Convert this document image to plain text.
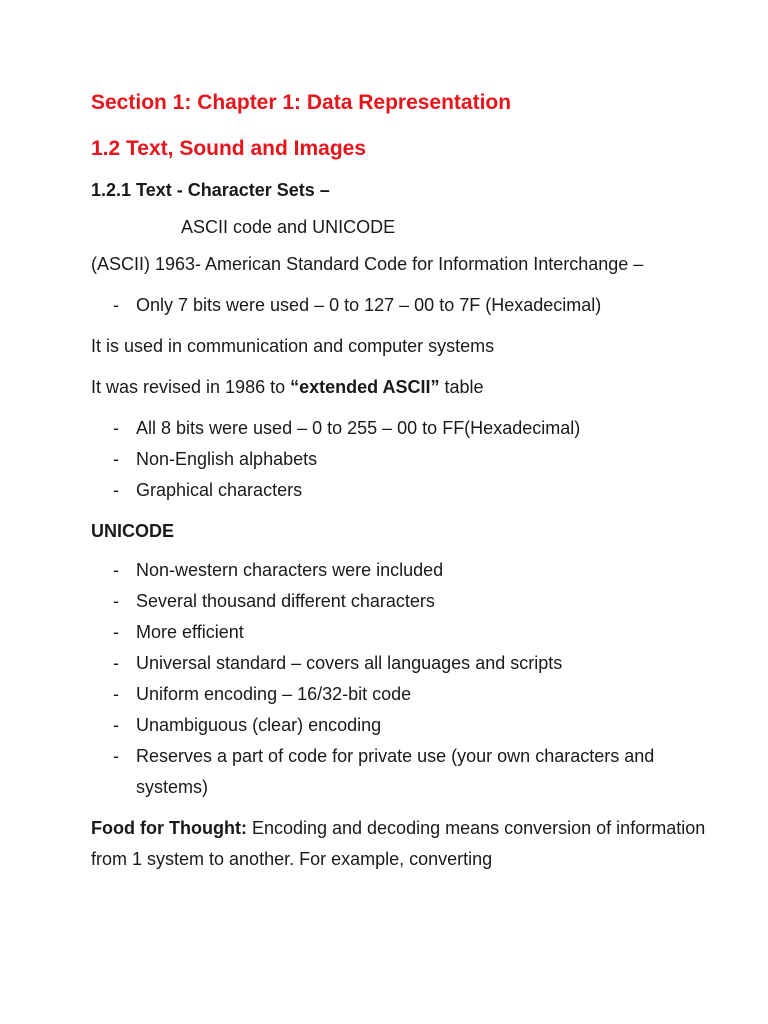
Section 1: Chapter 1: Data Representation
1.2 Text, Sound and Images
1.2.1 Text - Character Sets –

ASCII code and UNICODE

(ASCII) 1963- American Standard Code for Information Interchange –

- Only 7 bits were used – 0 to 127 – 00 to 7F (Hexadecimal)

It is used in communication and computer systems

It was revised in 1986 to “extended ASCII” table

- All 8 bits were used – 0 to 255 – 00 to FF(Hexadecimal)
- Non-English alphabets
- Graphical characters

UNICODE

- Non-western characters were included
- Several thousand different characters
- More efficient
- Universal standard – covers all languages and scripts
- Uniform encoding – 16/32-bit code
- Unambiguous (clear) encoding
- Reserves a part of code for private use (your own characters and systems)

Food for Thought: Encoding and decoding means conversion of information from 1 system to another. For example, converting
